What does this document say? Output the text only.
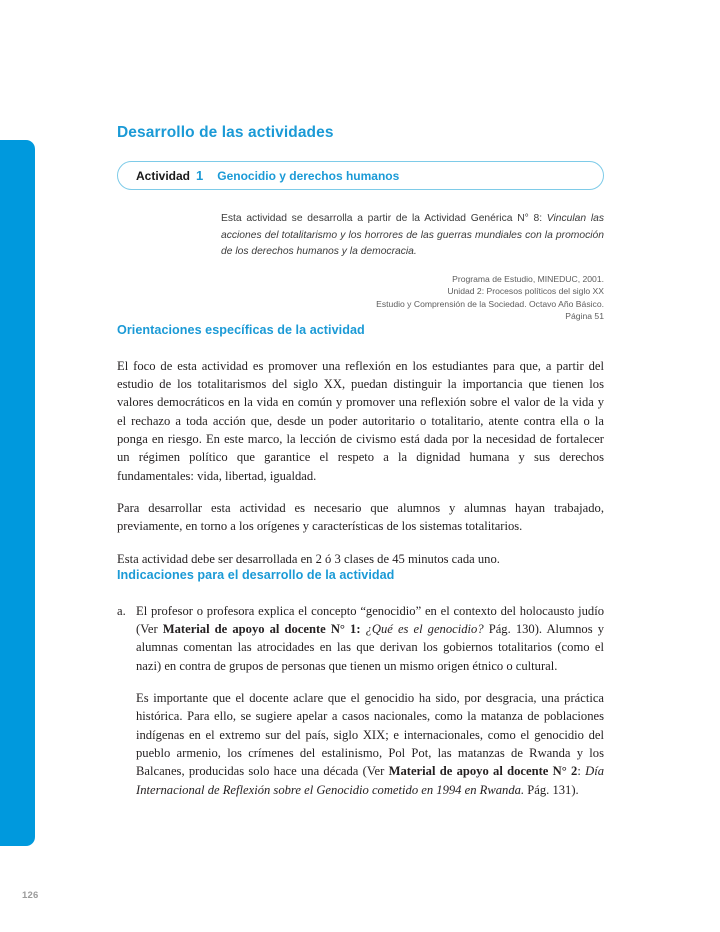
126
Desarrollo de las actividades
Actividad 1 Genocidio y derechos humanos

Esta actividad se desarrolla a partir de la Actividad Genérica N° 8: Vinculan las acciones del totalitarismo y los horrores de las guerras mundiales con la promoción de los derechos humanos y la democracia.

Programa de Estudio, MINEDUC, 2001.
Unidad 2: Procesos políticos del siglo XX
Estudio y Comprensión de la Sociedad. Octavo Año Básico.
Página 51
Orientaciones específicas de la actividad

El foco de esta actividad es promover una reflexión en los estudiantes para que, a partir del estudio de los totalitarismos del siglo XX, puedan distinguir la importancia que tienen los valores democráticos en la vida en común y promover una reflexión sobre el valor de la vida y el rechazo a toda acción que, desde un poder autoritario o totalitario, atente contra ella o la ponga en riesgo. En este marco, la lección de civismo está dada por la necesidad de fortalecer un régimen político que garantice el respeto a la dignidad humana y sus derechos fundamentales: vida, libertad, igualdad.

Para desarrollar esta actividad es necesario que alumnos y alumnas hayan trabajado, previamente, en torno a los orígenes y características de los sistemas totalitarios.

Esta actividad debe ser desarrollada en 2 ó 3 clases de 45 minutos cada uno.

Indicaciones para el desarrollo de la actividad
a. El profesor o profesora explica el concepto “genocidio” en el contexto del holocausto judío (Ver Material de apoyo al docente N° 1: ¿Qué es el genocidio? Pág. 130). Alumnos y alumnas comentan las atrocidades en las que derivan los gobiernos totalitarios (como el nazi) en contra de grupos de personas que tienen un mismo origen étnico o cultural.

Es importante que el docente aclare que el genocidio ha sido, por desgracia, una práctica histórica. Para ello, se sugiere apelar a casos nacionales, como la matanza de poblaciones indígenas en el extremo sur del país, siglo XIX; e internacionales, como el genocidio del pueblo armenio, los crímenes del estalinismo, Pol Pot, las matanzas de Rwanda y los Balcanes, producidas solo hace una década (Ver Material de apoyo al docente N° 2: Día Internacional de Reflexión sobre el Genocidio cometido en 1994 en Rwanda. Pág. 131).
